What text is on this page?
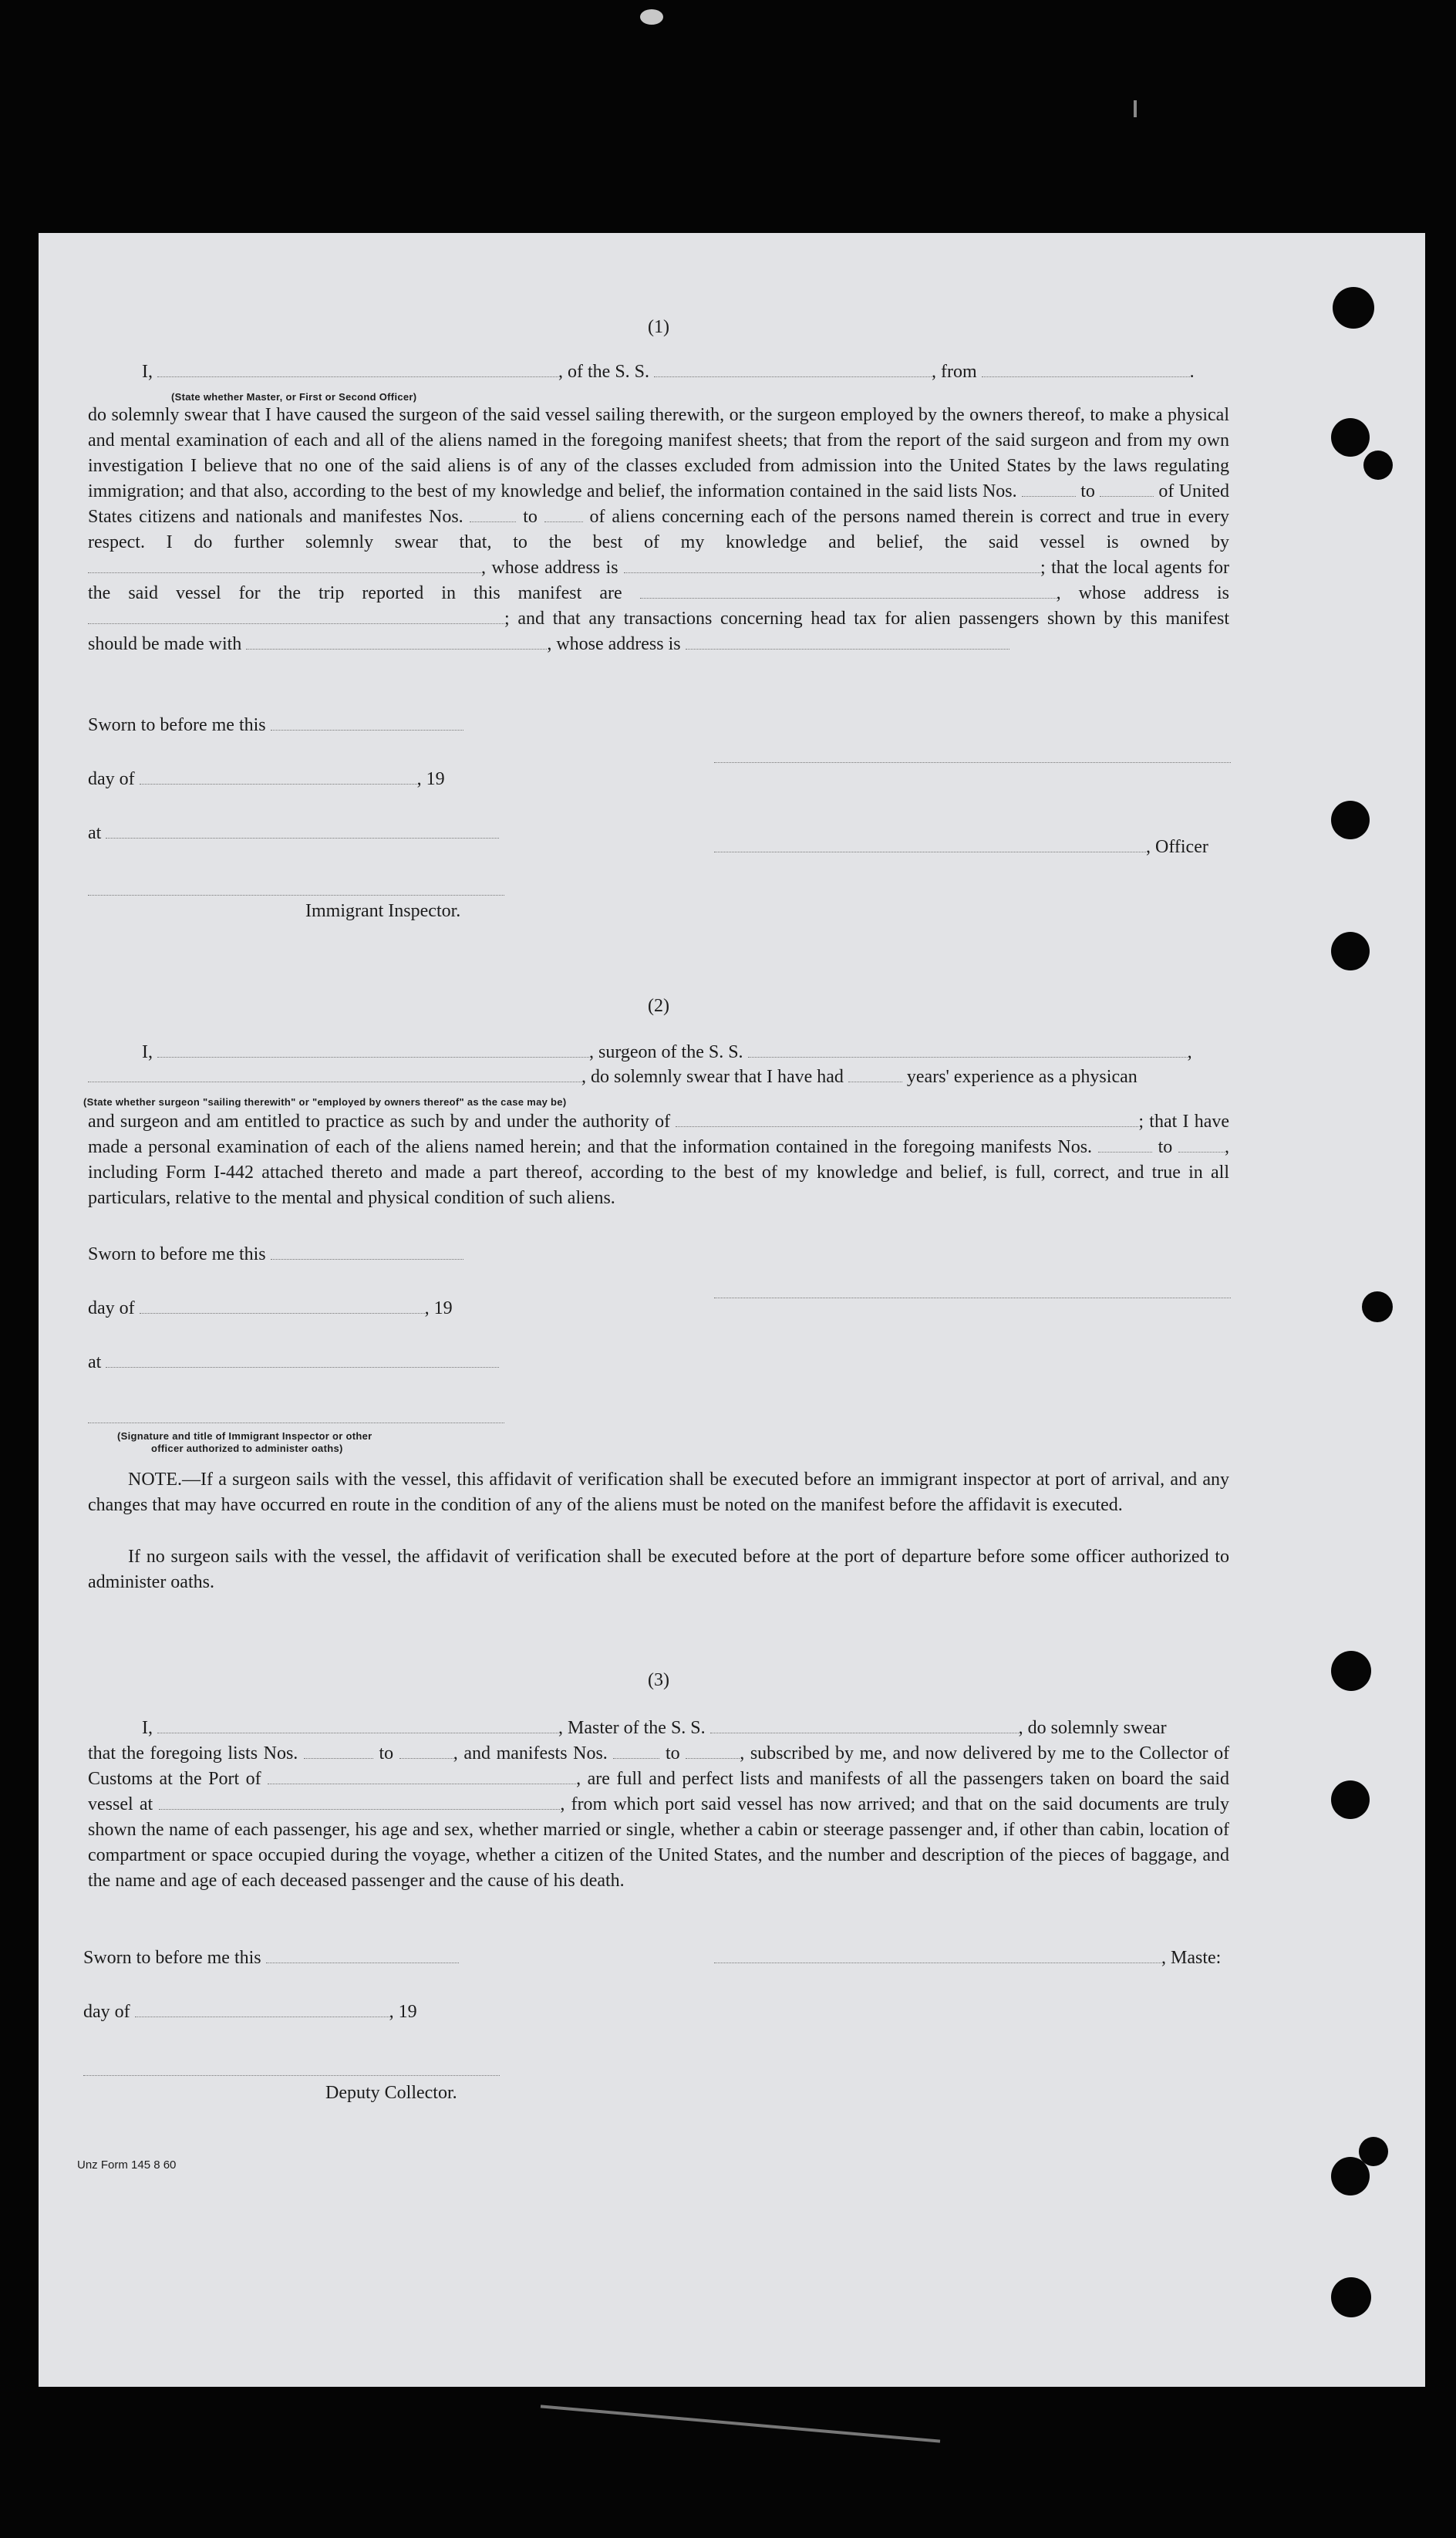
(1)
I,	, of the S. S.	, from	.
(State whether Master, or First or Second Officer)
do solemnly swear that I have caused the surgeon of the said vessel sailing therewith, or the surgeon employed by the owners thereof, to make a physical and mental examination of each and all of the aliens named in the foregoing manifest sheets; that from the report of the said surgeon and from my own investigation I believe that no one of the said aliens is of any of the classes excluded from admission into the United States by the laws regulating immigration; and that also, according to the best of my knowledge and belief, the information contained in the said lists Nos.	to	of United States citizens and nationals and manifestes Nos.	to	of aliens concerning each of the persons named therein is correct and true in every respect. I do further solemnly swear that, to the best of my knowledge and belief, the said vessel is owned by , whose address is	; that the local agents for the said vessel for the trip reported in this manifest are	, whose address is ; and that any transactions concerning head tax for alien passengers shown by this manifest should be made with	, whose address is
Sworn to before me this
day of	, 19
at
, Officer
Immigrant Inspector.
(2)
I,	, surgeon of the S. S.	,
, do solemnly swear that I have had	years' experience as a physican
(State whether surgeon "sailing therewith" or "employed by owners thereof" as the case may be)
and surgeon and am entitled to practice as such by and under the authority of	; that I have made a personal examination of each of the aliens named herein; and that the information contained in the foregoing manifests Nos.	to	, including Form I-442 attached thereto and made a part thereof, according to the best of my knowledge and belief, is full, correct, and true in all particulars, relative to the mental and physical condition of such aliens.
Sworn to before me this
day of	, 19
at
(Signature and title of Immigrant Inspector or other
officer authorized to administer oaths)
NOTE.—If a surgeon sails with the vessel, this affidavit of verification shall be executed before an immigrant inspector at port of arrival, and any changes that may have occurred en route in the condition of any of the aliens must be noted on the manifest before the affidavit is executed.
If no surgeon sails with the vessel, the affidavit of verification shall be executed before at the port of departure before some officer authorized to administer oaths.
(3)
I,	, Master of the S. S.	, do solemnly swear
that the foregoing lists Nos.	to	, and manifests Nos.	to	, subscribed by me, and now delivered by me to the Collector of Customs at the Port of	, are full and perfect lists and manifests of all the passengers taken on board the said vessel at	, from which port said vessel has now arrived; and that on the said documents are truly shown the name of each passenger, his age and sex, whether married or single, whether a cabin or steerage passenger and, if other than cabin, location of compartment or space occupied during the voyage, whether a citizen of the United States, and the number and description of the pieces of baggage, and the name and age of each deceased passenger and the cause of his death.
Sworn to before me this	, Maste:
day of	, 19
Deputy Collector.
Unz Form 145 8 60
